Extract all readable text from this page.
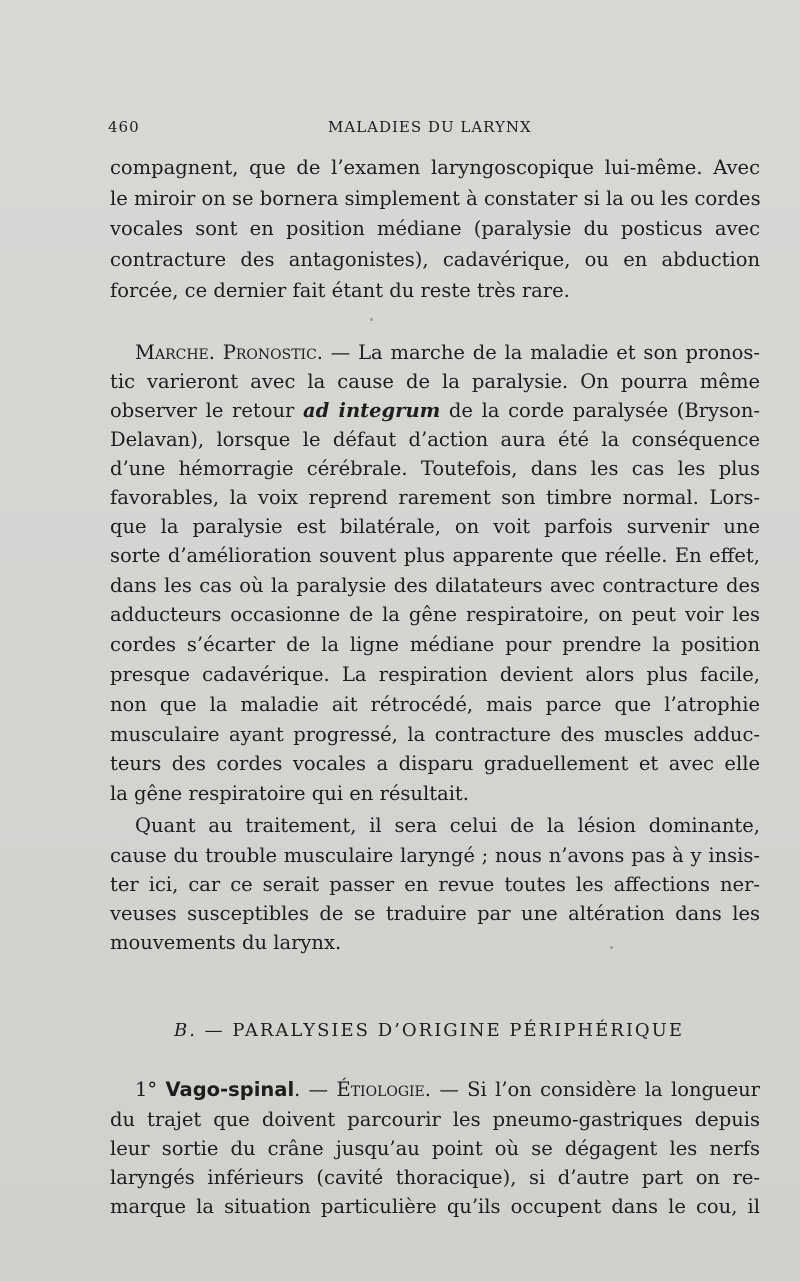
460	MALADIES DU LARYNX
compagnent, que de l’examen laryngoscopique lui-même. Avec
le miroir on se bornera simplement à constater si la ou les cordes
vocales sont en position médiane (paralysie du posticus avec
contracture des antagonistes), cadavérique, ou en abduction
forcée, ce dernier fait étant du reste très rare.
Marche. Pronostic. — La marche de la maladie et son pronos-
tic varieront avec la cause de la paralysie. On pourra même
observer le retour ad integrum de la corde paralysée (Bryson-
Delavan), lorsque le défaut d’action aura été la conséquence
d’une hémorragie cérébrale. Toutefois, dans les cas les plus
favorables, la voix reprend rarement son timbre normal. Lors-
que la paralysie est bilatérale, on voit parfois survenir une
sorte d’amélioration souvent plus apparente que réelle. En effet,
dans les cas où la paralysie des dilatateurs avec contracture des
adducteurs occasionne de la gêne respiratoire, on peut voir les
cordes s’écarter de la ligne médiane pour prendre la position
presque cadavérique. La respiration devient alors plus facile,
non que la maladie ait rétrocédé, mais parce que l’atrophie
musculaire ayant progressé, la contracture des muscles adduc-
teurs des cordes vocales a disparu graduellement et avec elle
la gêne respiratoire qui en résultait.
Quant au traitement, il sera celui de la lésion dominante,
cause du trouble musculaire laryngé ; nous n’avons pas à y insis-
ter ici, car ce serait passer en revue toutes les affections ner-
veuses susceptibles de se traduire par une altération dans les
mouvements du larynx.
B. — PARALYSIES D’ORIGINE PÉRIPHÉRIQUE
1° Vago-spinal. — Étiologie. — Si l’on considère la longueur
du trajet que doivent parcourir les pneumo-gastriques depuis
leur sortie du crâne jusqu’au point où se dégagent les nerfs
laryngés inférieurs (cavité thoracique), si d’autre part on re-
marque la situation particulière qu’ils occupent dans le cou, il
